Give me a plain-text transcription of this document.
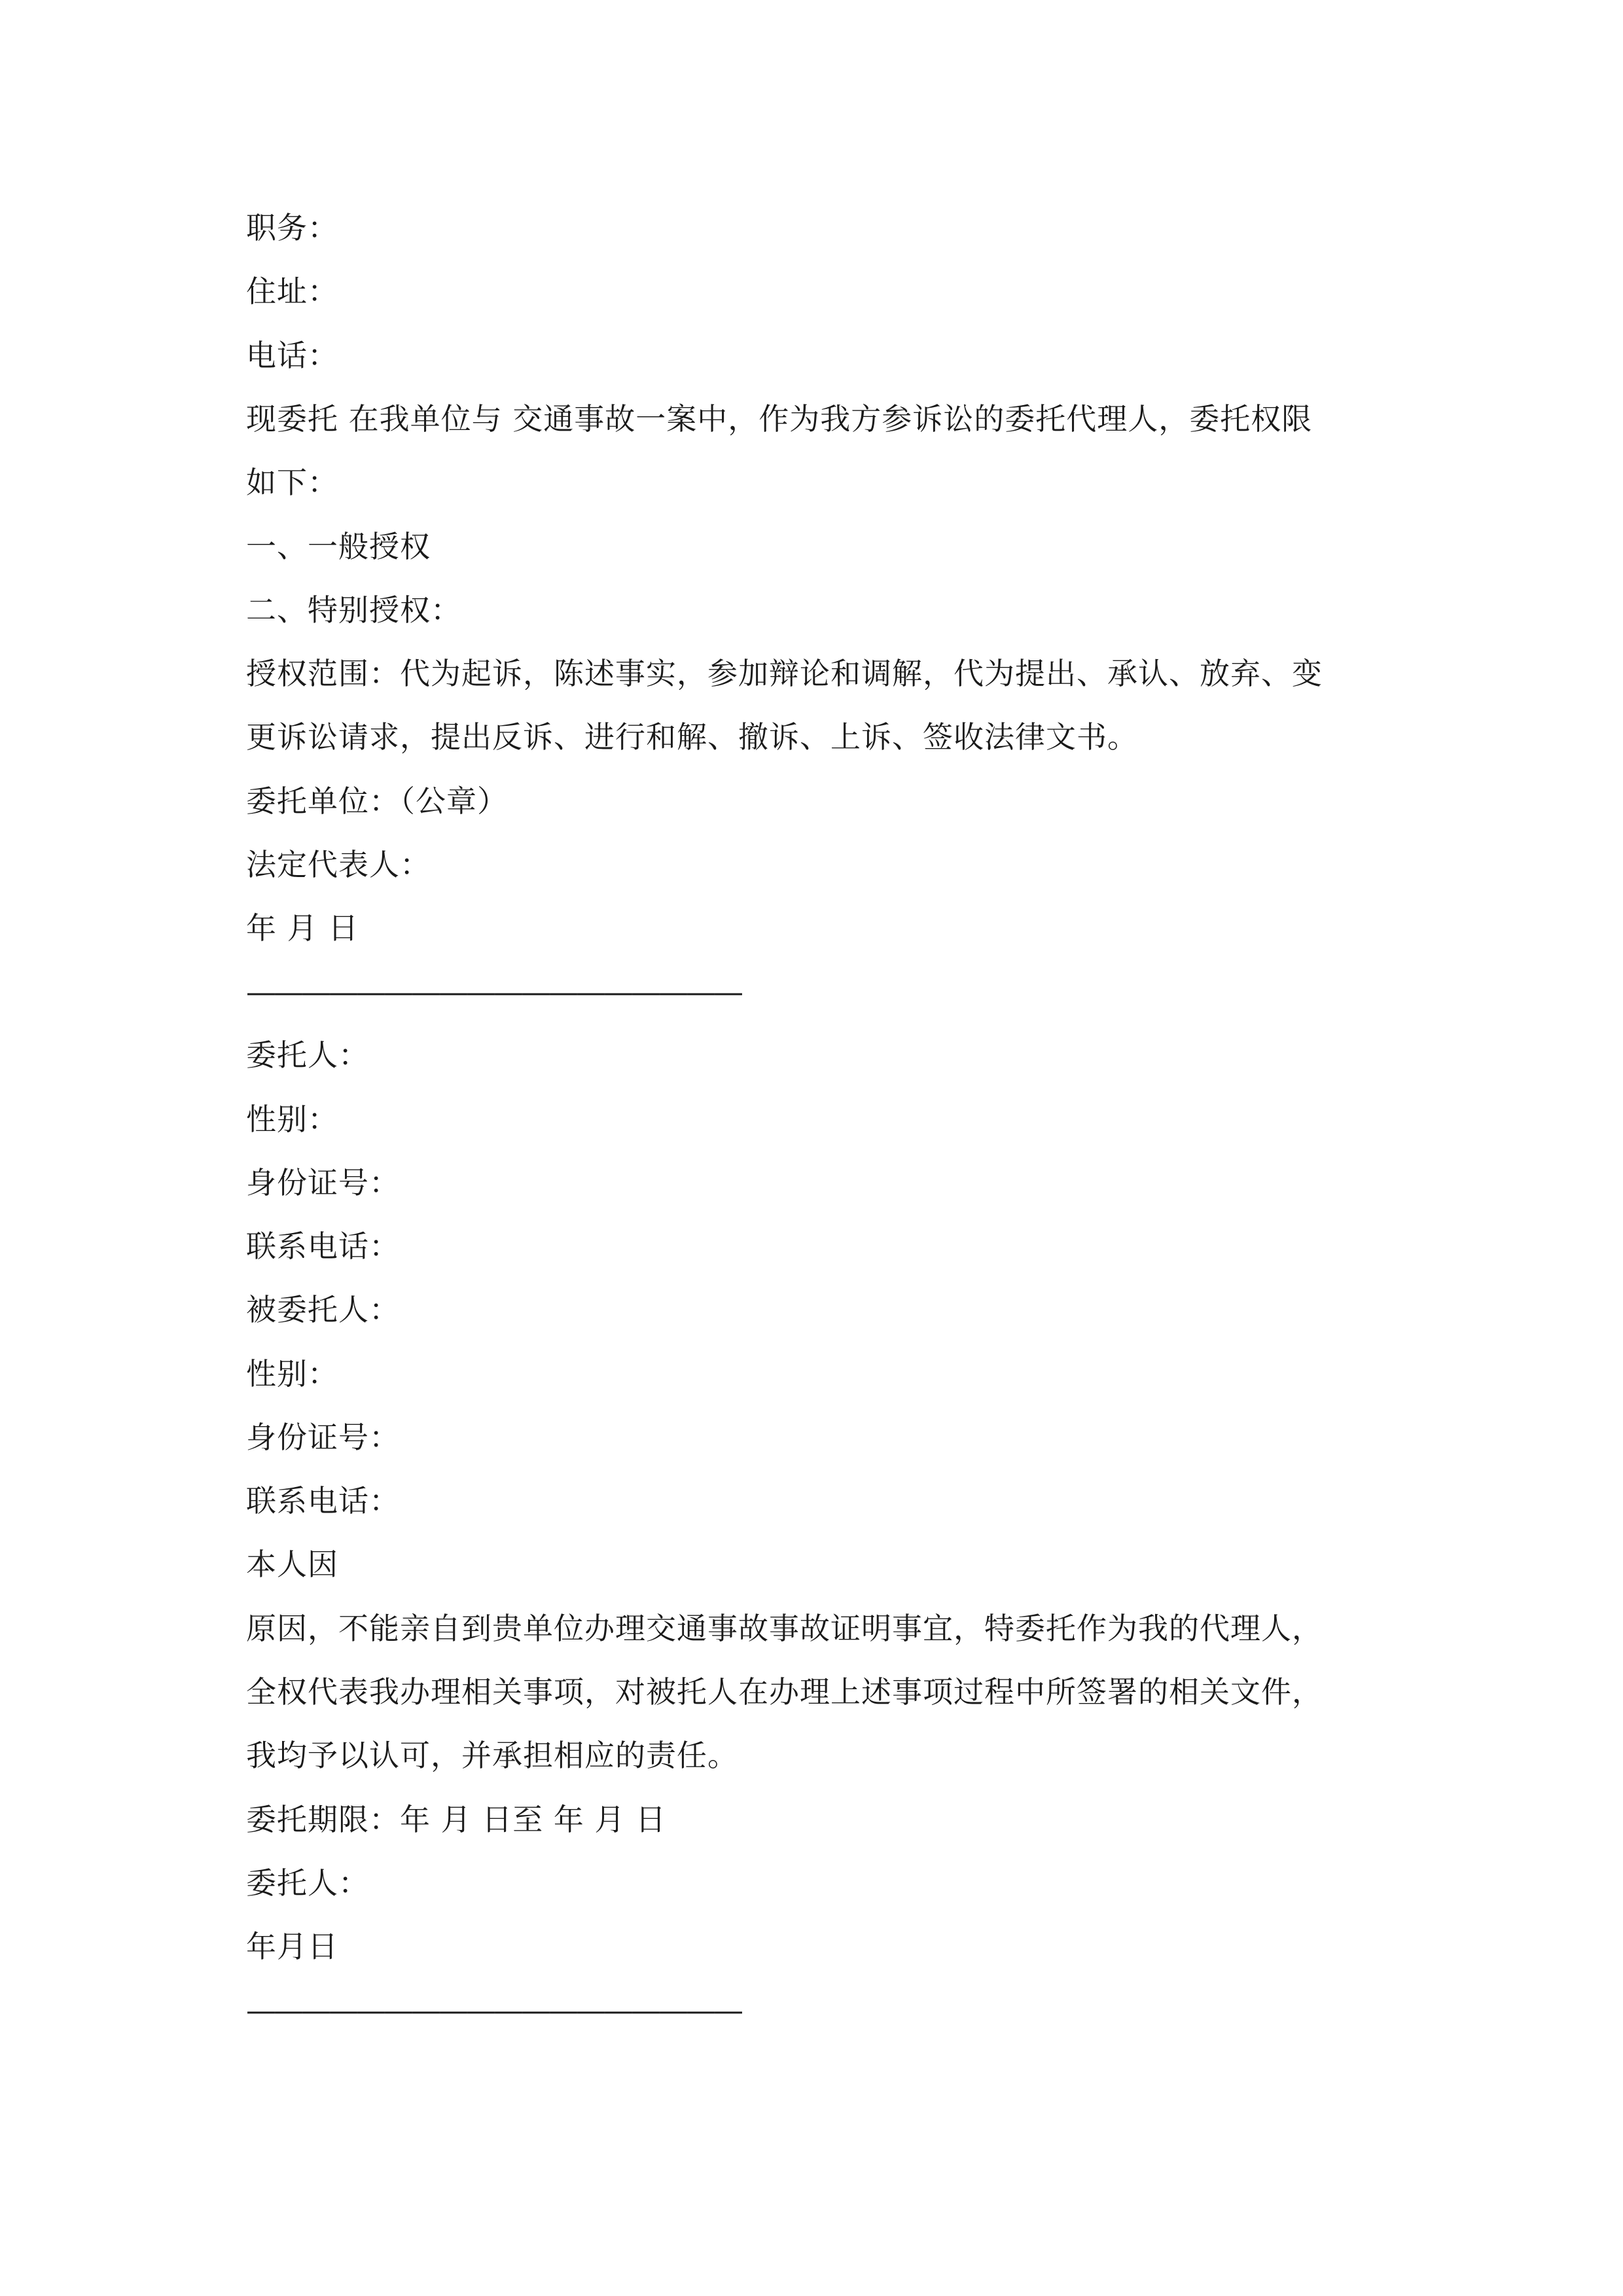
职务：
住址：
电话：
现委托 在我单位与 交通事故一案中，作为我方参诉讼的委托代理人，委托权限
如下：
一、一般授权
二、特别授权：
授权范围：代为起诉，陈述事实，参加辩论和调解，代为提出、承认、放弃、变
更诉讼请求，提出反诉、进行和解、撤诉、上诉、签收法律文书。
委托单位：（公章）
法定代表人：
年 月 日
——————————————————
委托人：
性别：
身份证号：
联系电话：
被委托人：
性别：
身份证号：
联系电话：
本人因
原因，不能亲自到贵单位办理交通事故事故证明事宜，特委托作为我的代理人，
全权代表我办理相关事项，对被托人在办理上述事项过程中所签署的相关文件，
我均予以认可，并承担相应的责任。
委托期限：年 月 日至 年 月 日
委托人：
年月日
——————————————————
